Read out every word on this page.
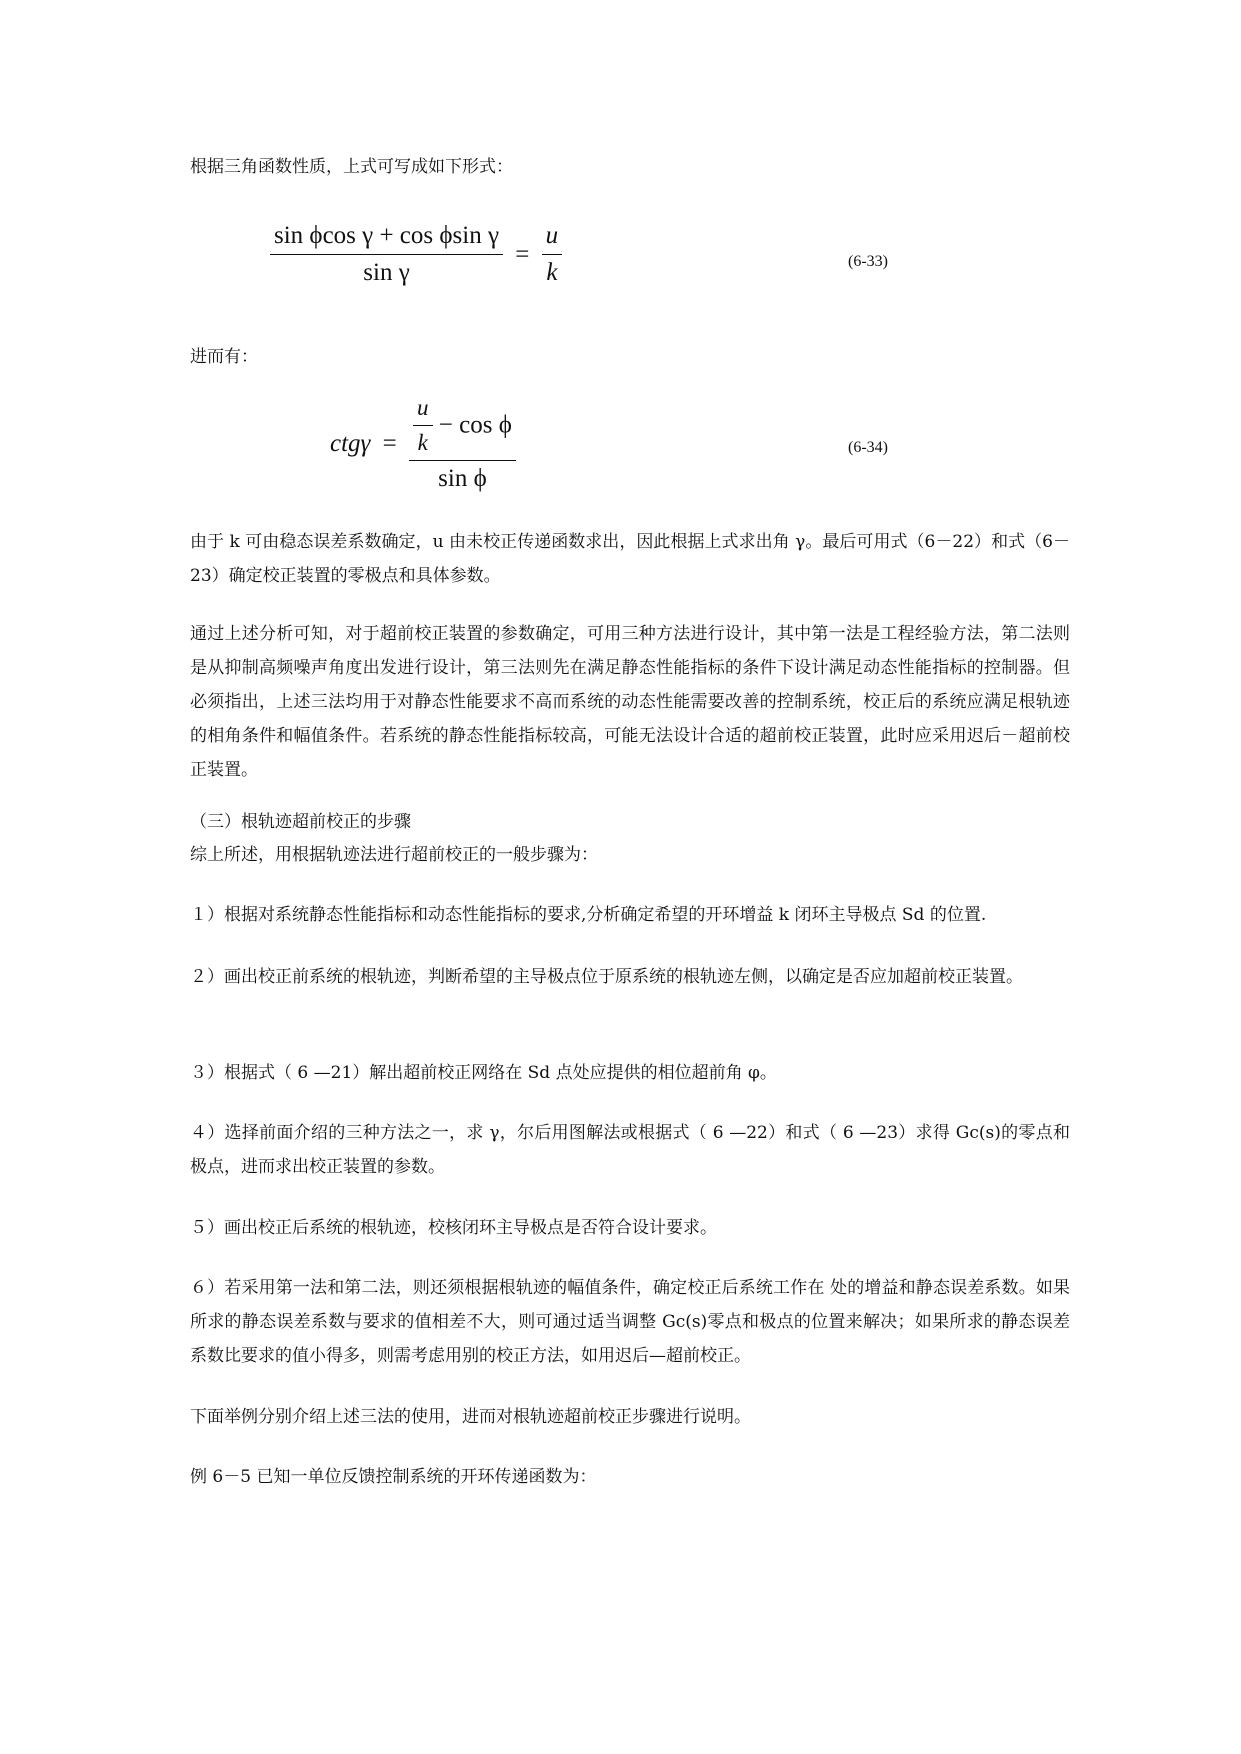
根据三角函数性质，上式可写成如下形式：
$\frac{\text{sin ϕcos γ + cos ϕsin γ}}{\text{sin γ}} = \frac{u}{k}$	(6-33)
进而有：
$ctg\gamma = \frac{\frac{u}{k} - \cos \phi}{\text{sin ϕ}}$	(6-34)
由于 k 可由稳态误差系数确定，u 由未校正传递函数求出，因此根据上式求出角 γ。最后可用式（6－22）和式（6－23）确定校正装置的零极点和具体参数。
通过上述分析可知，对于超前校正装置的参数确定，可用三种方法进行设计，其中第一法是工程经验方法，第二法则是从抑制高频噪声角度出发进行设计，第三法则先在满足静态性能指标的条件下设计满足动态性能指标的控制器。但必须指出，上述三法均用于对静态性能要求不高而系统的动态性能需要改善的控制系统，校正后的系统应满足根轨迹的相角条件和幅值条件。若系统的静态性能指标较高，可能无法设计合适的超前校正装置，此时应采用迟后－超前校正装置。
（三）根轨迹超前校正的步骤
综上所述，用根据轨迹法进行超前校正的一般步骤为：
１）根据对系统静态性能指标和动态性能指标的要求,分析确定希望的开环增益 k 闭环主导极点 Sd 的位置.
２）画出校正前系统的根轨迹，判断希望的主导极点位于原系统的根轨迹左侧，以确定是否应加超前校正装置。
３）根据式（ 6 —21）解出超前校正网络在 Sd 点处应提供的相位超前角 φ。
４）选择前面介绍的三种方法之一，求 γ，尔后用图解法或根据式（ 6 —22）和式（ 6 —23）求得 Gc(s)的零点和极点，进而求出校正装置的参数。
５）画出校正后系统的根轨迹，校核闭环主导极点是否符合设计要求。
６）若采用第一法和第二法，则还须根据根轨迹的幅值条件，确定校正后系统工作在 处的增益和静态误差系数。如果所求的静态误差系数与要求的值相差不大，则可通过适当调整 Gc(s)零点和极点的位置来解决；如果所求的静态误差系数比要求的值小得多，则需考虑用别的校正方法，如用迟后—超前校正。
下面举例分别介绍上述三法的使用，进而对根轨迹超前校正步骤进行说明。
例 6－5 已知一单位反馈控制系统的开环传递函数为：
